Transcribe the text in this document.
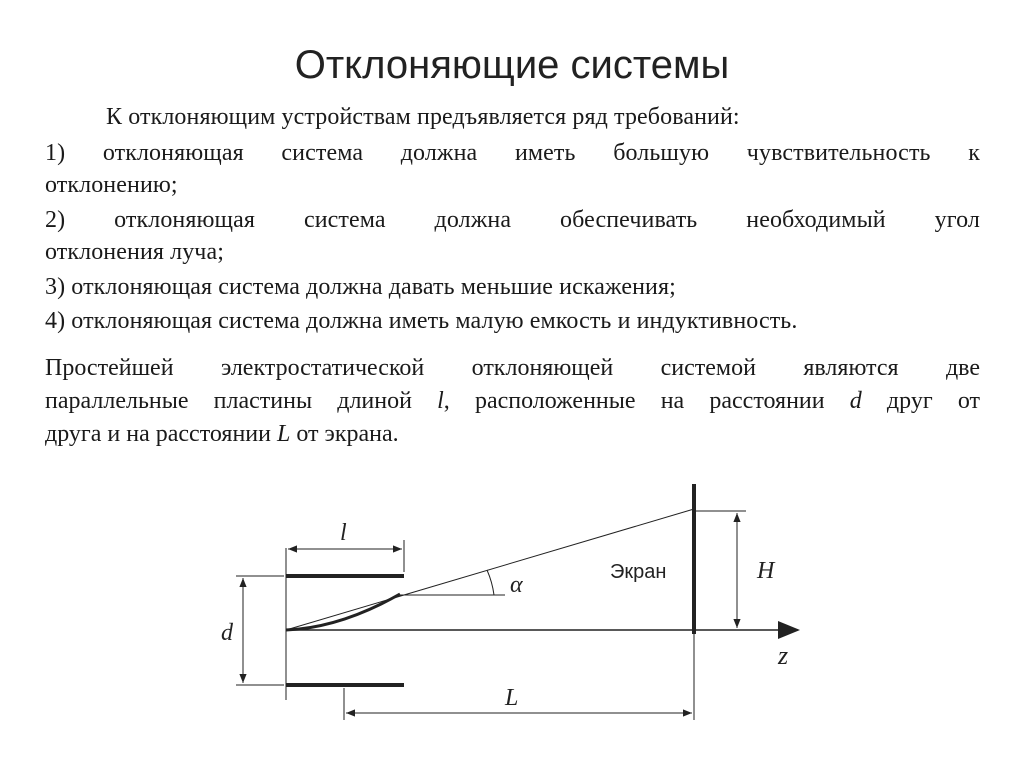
Отклоняющие системы
К отклоняющим устройствам предъявляется ряд требований:
1) отклоняющая система должна иметь большую чувствительность к
отклонению;
2) отклоняющая система должна обеспечивать необходимый угол
отклонения луча;
3) отклоняющая система должна давать меньшие искажения;
4) отклоняющая система должна иметь малую емкость и индуктивность.
Простейшей электростатической отклоняющей системой являются две
параллельные пластины длиной l, расположенные на расстоянии d друг от
друга и на расстоянии L от экрана.
l
d
z
α	Экран	H
L
